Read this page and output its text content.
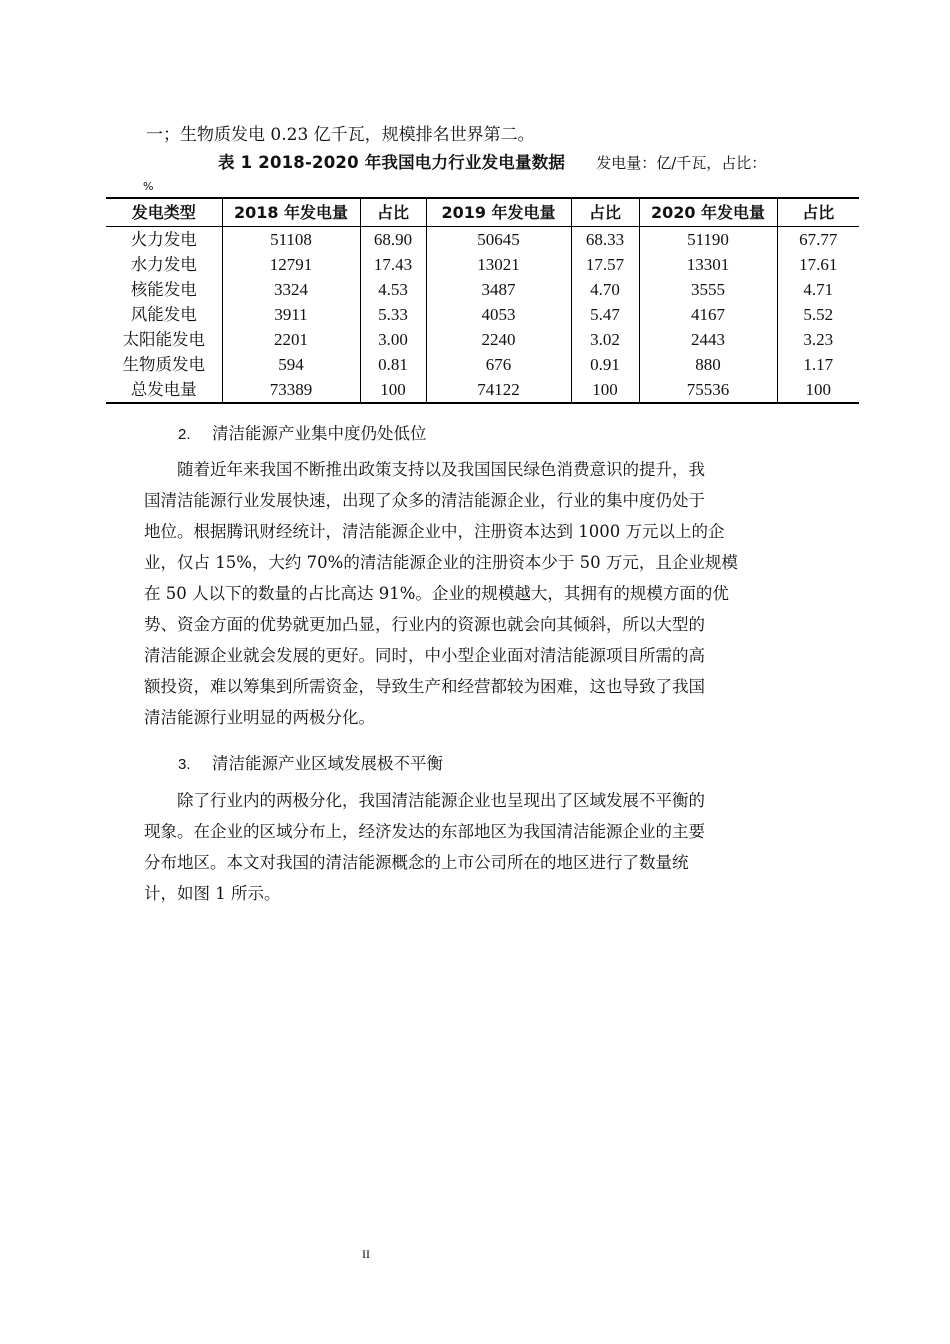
一；生物质发电 0.23 亿千瓦，规模排名世界第二。
表 1 2018-2020 年我国电力行业发电量数据 发电量：亿/千瓦，占比：
%
发电类型	2018 年发电量	占比	2019 年发电量	占比	2020 年发电量	占比
火力发电	51108	68.90	50645	68.33	51190	67.77
水力发电	12791	17.43	13021	17.57	13301	17.61
核能发电	3324	4.53	3487	4.70	3555	4.71
风能发电	3911	5.33	4053	5.47	4167	5.52
太阳能发电	2201	3.00	2240	3.02	2443	3.23
生物质发电	594	0.81	676	0.91	880	1.17
总发电量	73389	100	74122	100	75536	100
2. 清洁能源产业集中度仍处低位
随着近年来我国不断推出政策支持以及我国国民绿色消费意识的提升，我
国清洁能源行业发展快速，出现了众多的清洁能源企业，行业的集中度仍处于
地位。根据腾讯财经统计，清洁能源企业中，注册资本达到 1000 万元以上的企
业，仅占 15%，大约 70%的清洁能源企业的注册资本少于 50 万元，且企业规模
在 50 人以下的数量的占比高达 91%。企业的规模越大，其拥有的规模方面的优
势、资金方面的优势就更加凸显，行业内的资源也就会向其倾斜，所以大型的
清洁能源企业就会发展的更好。同时，中小型企业面对清洁能源项目所需的高
额投资，难以筹集到所需资金，导致生产和经营都较为困难，这也导致了我国
清洁能源行业明显的两极分化。
3. 清洁能源产业区域发展极不平衡
除了行业内的两极分化，我国清洁能源企业也呈现出了区域发展不平衡的
现象。在企业的区域分布上，经济发达的东部地区为我国清洁能源企业的主要
分布地区。本文对我国的清洁能源概念的上市公司所在的地区进行了数量统
计，如图 1 所示。
II
